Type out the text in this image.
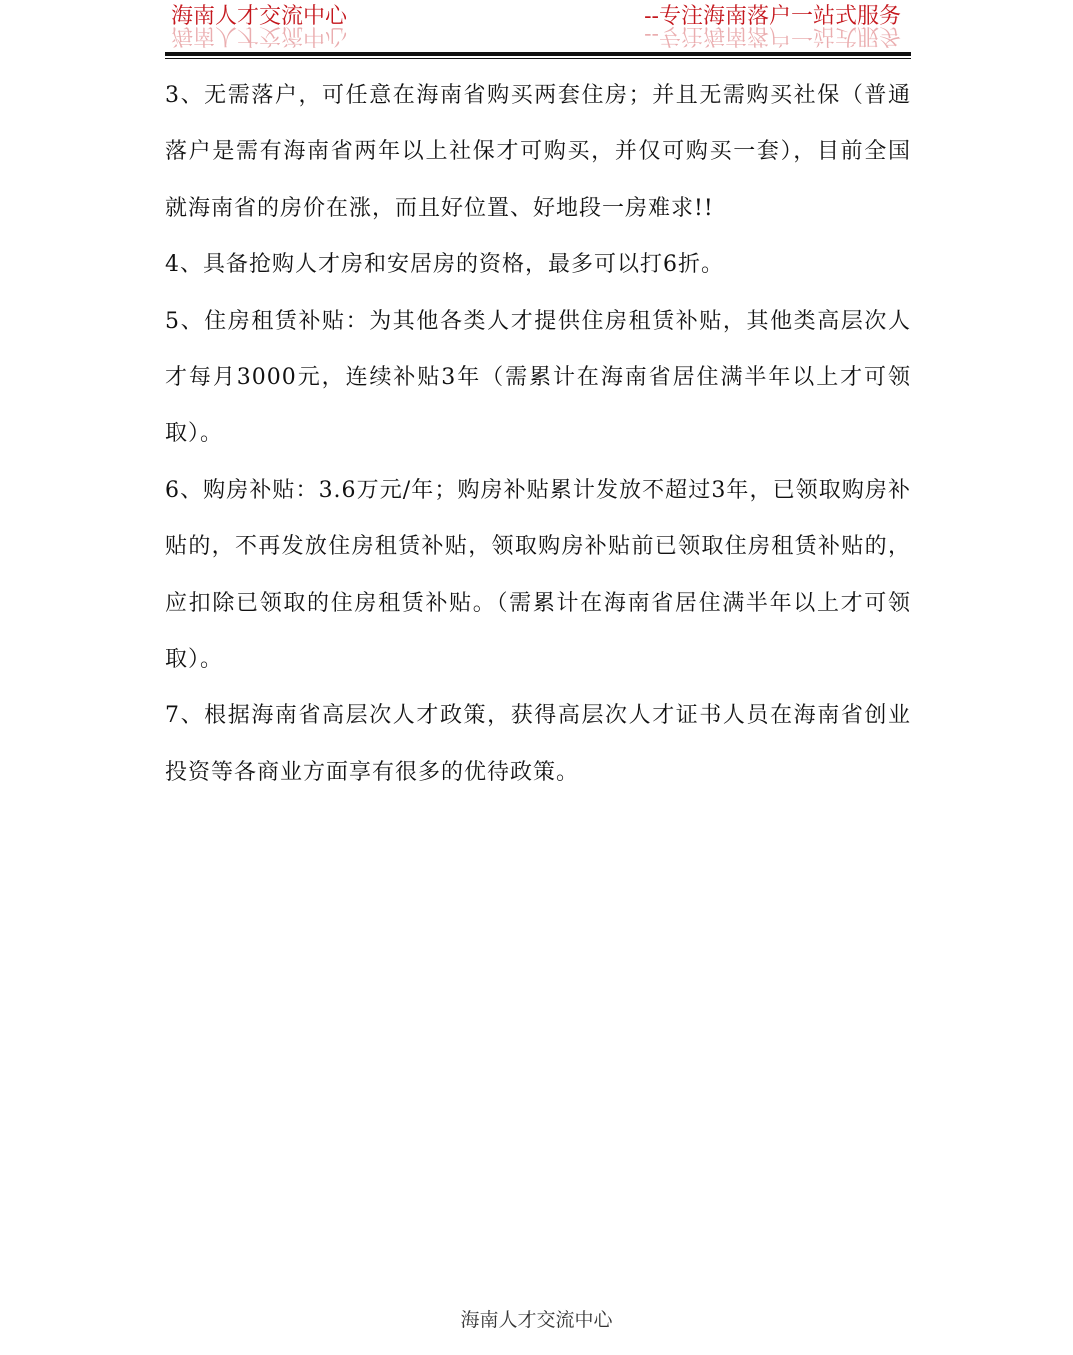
海南人才交流中心	--专注海南落户一站式服务
海南人才交流中心	--专注海南落户一站式服务

3、无需落户，可任意在海南省购买两套住房；并且无需购买社保（普通落户是需有海南省两年以上社保才可购买，并仅可购买一套），目前全国就海南省的房价在涨，而且好位置、好地段一房难求!!

4、具备抢购人才房和安居房的资格，最多可以打6折。

5、住房租赁补贴：为其他各类人才提供住房租赁补贴，其他类高层次人才每月3000元，连续补贴3年（需累计在海南省居住满半年以上才可领取）。

6、购房补贴：3.6万元/年；购房补贴累计发放不超过3年，已领取购房补贴的，不再发放住房租赁补贴，领取购房补贴前已领取住房租赁补贴的，应扣除已领取的住房租赁补贴。（需累计在海南省居住满半年以上才可领取）。

7、根据海南省高层次人才政策，获得高层次人才证书人员在海南省创业投资等各商业方面享有很多的优待政策。

海南人才交流中心
